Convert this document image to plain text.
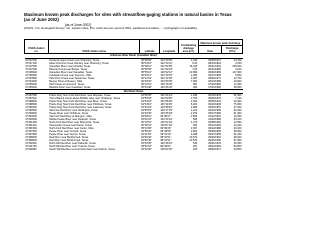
Maximum known peak discharges for sites with streamflow-gaging stations in natural basins in Texas
(as of June 2002)
[as of June 2002]
[USGS, U.S. Geological Survey; mi², square miles; ft³/s, cubic feet per second; PRA, partial-record station; --, hydrograph not available]
USGS station no.	USGS station name	Latitude	Longitude	Contributing drainage area (mi²)	Maximum known peak discharge	
					Date	Discharge (ft³/s)
Arkansas River Basin (Canadian River)						
07227000	Punta De Agua Creek near Channing, Texas	35°48'06"	102°29'36"	1,240	06/28/1972	24,700
07227100	Atlas Cherimio Creek tributary near Channing, Texas	35°34'10"	102°14'12"	6.00	08/13/1964	3,150
07227500	Canadian River near Amarillo, Texas	35°28'12"	101°52'45"	19,445	05/21/1931	195,000
07227600	Mineral Creek near Borger, Texas	35°38'30"	101°20'23"	7.84	06/24/1965	4,610
07228000	Canadian River near Canadian, Texas	35°56'10"	100°22'12"	22,866	06/09/1965	117,000
07228400	Coldwater Creek near Guymon, Okla.	36°40'12"	101°29'23"	1,280	06/17/1965	5,900
07233500	Palo Duro Creek near Spearman, Texas	36°12'04"	101°12'48"	2,487	06/02/1971	12,700
07234000	Beaver River at Beaver, Okla.	36°49'20"	100°30'45"	7,600	06/13/1995	20,900
07235000	Wolf Creek at Lipscomb, Texas	36°14'01"	100°16'30"	697	07/16/1960	14,400
07236000	Washita River near Canadian, Texas	35°44'48"	100°26'03"	404	07/04/1960	38,000
Red River Basin						
07297500	Prairie Dog Town Fork Red River near Wayside, Texas	34°50'05"	101°24'13"	1,345	05/16/1978	51,500
07297910	Tierra Blanca Creek above Buffalo Lake near Umbarger, Texas	34°50'03"	102°09'56"	1,700	06/06/1976	7,140
07298000	Prairie Dog Town Fork Red River near Brice, Texas	34°34'23"	101°05'46"	2,400	06/05/1941	22,000
07298500	Prairie Dog Town Fork Red River near Childress, Texas	34°34'10"	100°11'39"	6,200	09/16/1936	75,000
07299200	Prairie Dog Town Fork Red River near Lakeview, Texas	34°40'24"	100°48'10"	2,080	05/26/1951	27,600
07299500	Salt Fork Red River near Wellington, Texas	34°55'52"	100°17'25"	1,222	06/12/1995	60,400
07299540	Pease River near Childress, Texas	34°19'45"	100°25'18"	2,754	05/27/1950	61,300
07300000	Salt Fork Red River at Mangum, Okla.	34°50'10"	99°30'27"	1,563	04/12/1997	19,000
07300500	Middle Pease River near Paducah, Texas	34°02'24"	100°14'41"	845	10/03/1986	33,100
07301300	North Fork Red River near Shamrock, Texas	35°15'51"	100°14'41"	1,170	06/08/1960	12,500
07301410	Sweetwater Creek near Kelton, Texas	35°28'24"	100°07'26"	304	05/12/1993	14,100
07301500	North Fork Red River near Carter, Okla.	35°10'05"	99°30'26"	2,337	06/23/1986	34,100
07307500	Pease River near Crowell, Texas	33°59'20"	99°43'56"	2,820	06/09/1965	48,300
07307800	Pease River near Vernon, Texas	34°11'00"	99°16'20"	3,488	09/27/1955	91,200
07308000	Red River near Burkburnett, Texas	34°06'40"	98°31'51"	20,570	06/03/1962	38,200
07308500	Red River near Burkburnett, Texas	34°06'40"	98°31'51"	20,570	09/16/1936	57,000
07311600	North Wichita River near Paducah, Texas	33°52'05"	100°18'01"	540	06/01/1978	46,300
07311700	North Wichita River near Truscott, Texas	33°51'18"	99°46'01"	937	05/22/1981	93,800
07311800	South Wichita River at Low Flow Dam near Guthrie, Texas	33°42'30"	100°02'26"	225	08/30/1971	40,800
